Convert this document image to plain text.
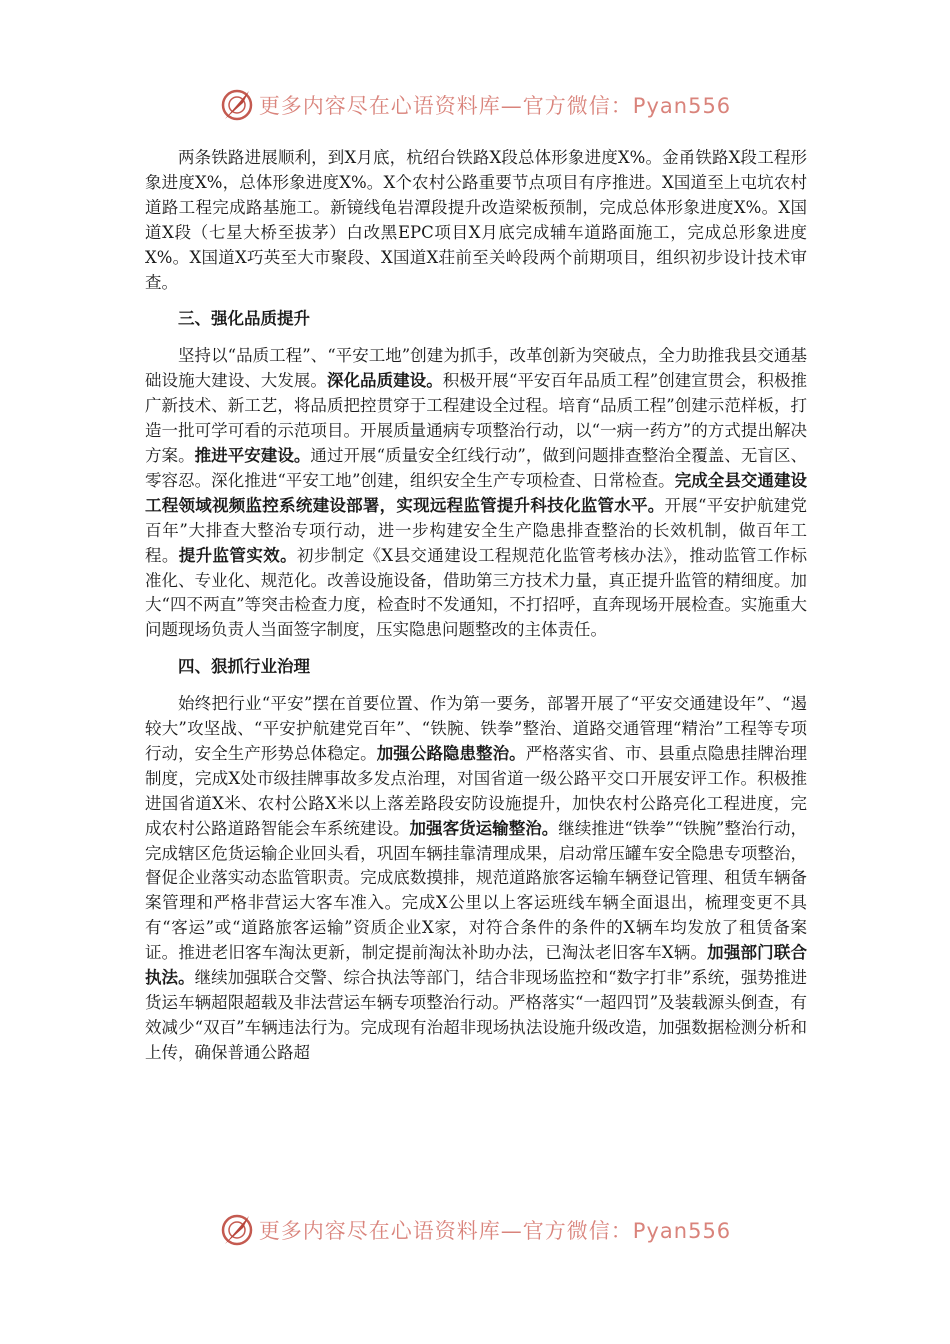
更多内容尽在心语资料库—官方微信：Pyan556

两条铁路进展顺利，到X月底，杭绍台铁路X段总体形象进度X%。金甬铁路X段工程形象进度X%，总体形象进度X%。X个农村公路重要节点项目有序推进。X国道至上屯坑农村道路工程完成路基施工。新镜线龟岩潭段提升改造梁板预制，完成总体形象进度X%。X国道X段（七星大桥至拔茅）白改黑EPC项目X月底完成辅车道路面施工，完成总形象进度X%。X国道X巧英至大市聚段、X国道X荘前至关岭段两个前期项目，组织初步设计技术审查。

三、强化品质提升

坚持以“品质工程”、“平安工地”创建为抓手，改革创新为突破点，全力助推我县交通基础设施大建设、大发展。深化品质建设。积极开展“平安百年品质工程”创建宣贯会，积极推广新技术、新工艺，将品质把控贯穿于工程建设全过程。培育“品质工程”创建示范样板，打造一批可学可看的示范项目。开展质量通病专项整治行动，以“一病一药方”的方式提出解决方案。推进平安建设。通过开展“质量安全红线行动”，做到问题排查整治全覆盖、无盲区、零容忍。深化推进“平安工地”创建，组织安全生产专项检查、日常检查。完成全县交通建设工程领域视频监控系统建设部署，实现远程监管提升科技化监管水平。开展“平安护航建党百年”大排查大整治专项行动，进一步构建安全生产隐患排查整治的长效机制，做百年工程。提升监管实效。初步制定《X县交通建设工程规范化监管考核办法》，推动监管工作标准化、专业化、规范化。改善设施设备，借助第三方技术力量，真正提升监管的精细度。加大“四不两直”等突击检查力度，检查时不发通知，不打招呼，直奔现场开展检查。实施重大问题现场负责人当面签字制度，压实隐患问题整改的主体责任。

四、狠抓行业治理

始终把行业“平安”摆在首要位置、作为第一要务，部署开展了“平安交通建设年”、“遏较大”攻坚战、“平安护航建党百年”、“铁腕、铁拳”整治、道路交通管理“精治”工程等专项行动，安全生产形势总体稳定。加强公路隐患整治。严格落实省、市、县重点隐患挂牌治理制度，完成X处市级挂牌事故多发点治理，对国省道一级公路平交口开展安评工作。积极推进国省道X米、农村公路X米以上落差路段安防设施提升，加快农村公路亮化工程进度，完成农村公路道路智能会车系统建设。加强客货运输整治。继续推进“铁拳”“铁腕”整治行动，完成辖区危货运输企业回头看，巩固车辆挂靠清理成果，启动常压罐车安全隐患专项整治，督促企业落实动态监管职责。完成底数摸排，规范道路旅客运输车辆登记管理、租赁车辆备案管理和严格非营运大客车准入。完成X公里以上客运班线车辆全面退出，梳理变更不具有“客运”或“道路旅客运输”资质企业X家，对符合条件的条件的X辆车均发放了租赁备案证。推进老旧客车淘汰更新，制定提前淘汰补助办法，已淘汰老旧客车X辆。加强部门联合执法。继续加强联合交警、综合执法等部门，结合非现场监控和“数字打非”系统，强势推进货运车辆超限超载及非法营运车辆专项整治行动。严格落实“一超四罚”及装载源头倒查，有效减少“双百”车辆违法行为。完成现有治超非现场执法设施升级改造，加强数据检测分析和上传，确保普通公路超

更多内容尽在心语资料库—官方微信：Pyan556
